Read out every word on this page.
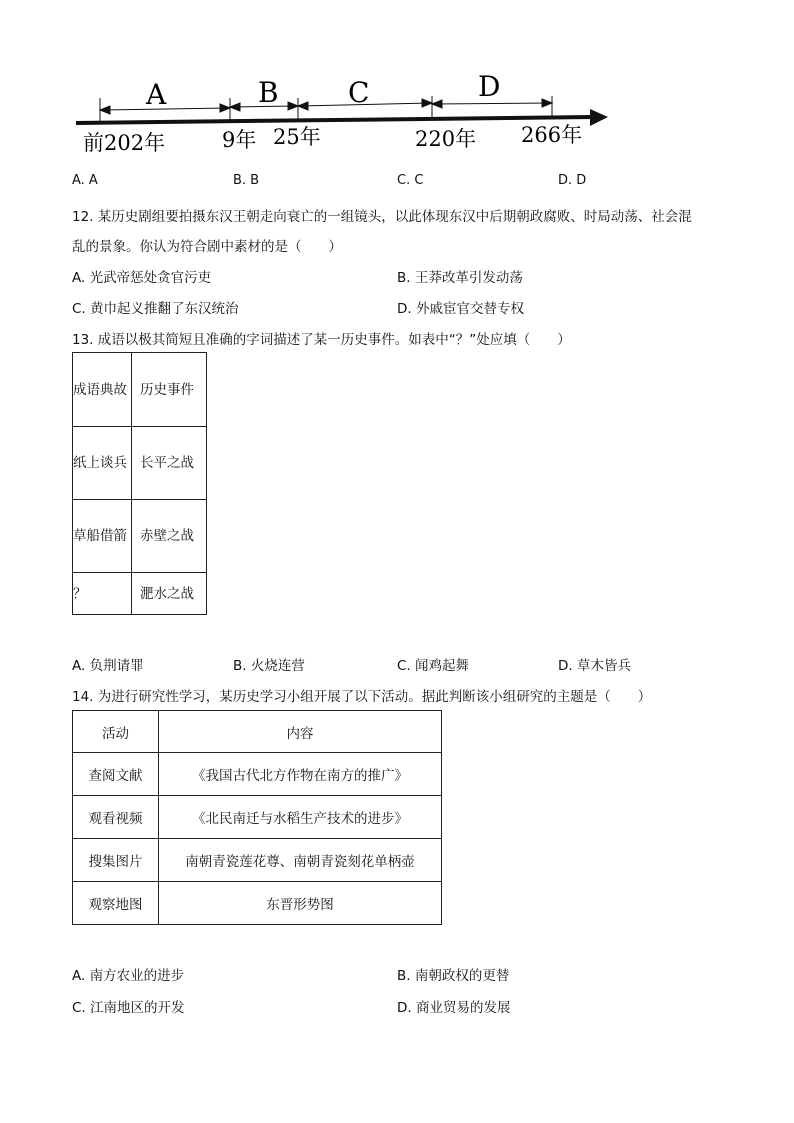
A	B C	D
前202年	9年 25年	220年 266年
A. A	B. B	C. C	D. D
12. 某历史剧组要拍摄东汉王朝走向衰亡的一组镜头，以此体现东汉中后期朝政腐败、时局动荡、社会混
乱的景象。你认为符合剧中素材的是（　　）
A. 光武帝惩处贪官污吏	B. 王莽改革引发动荡
C. 黄巾起义推翻了东汉统治	D. 外戚宦官交替专权
13. 成语以极其简短且准确的字词描述了某一历史事件。如表中“？”处应填（　　）
成语典故	历史事件
纸上谈兵	长平之战
草船借箭	赤壁之战
？	淝水之战
A. 负荆请罪	B. 火烧连营	C. 闻鸡起舞	D. 草木皆兵
14. 为进行研究性学习，某历史学习小组开展了以下活动。据此判断该小组研究的主题是（　　）
活动	内容
查阅文献	《我国古代北方作物在南方的推广》
观看视频	《北民南迁与水稻生产技术的进步》
搜集图片	南朝青瓷莲花尊、南朝青瓷刻花单柄壶
观察地图	东晋形势图
A. 南方农业的进步	B. 南朝政权的更替
C. 江南地区的开发	D. 商业贸易的发展
